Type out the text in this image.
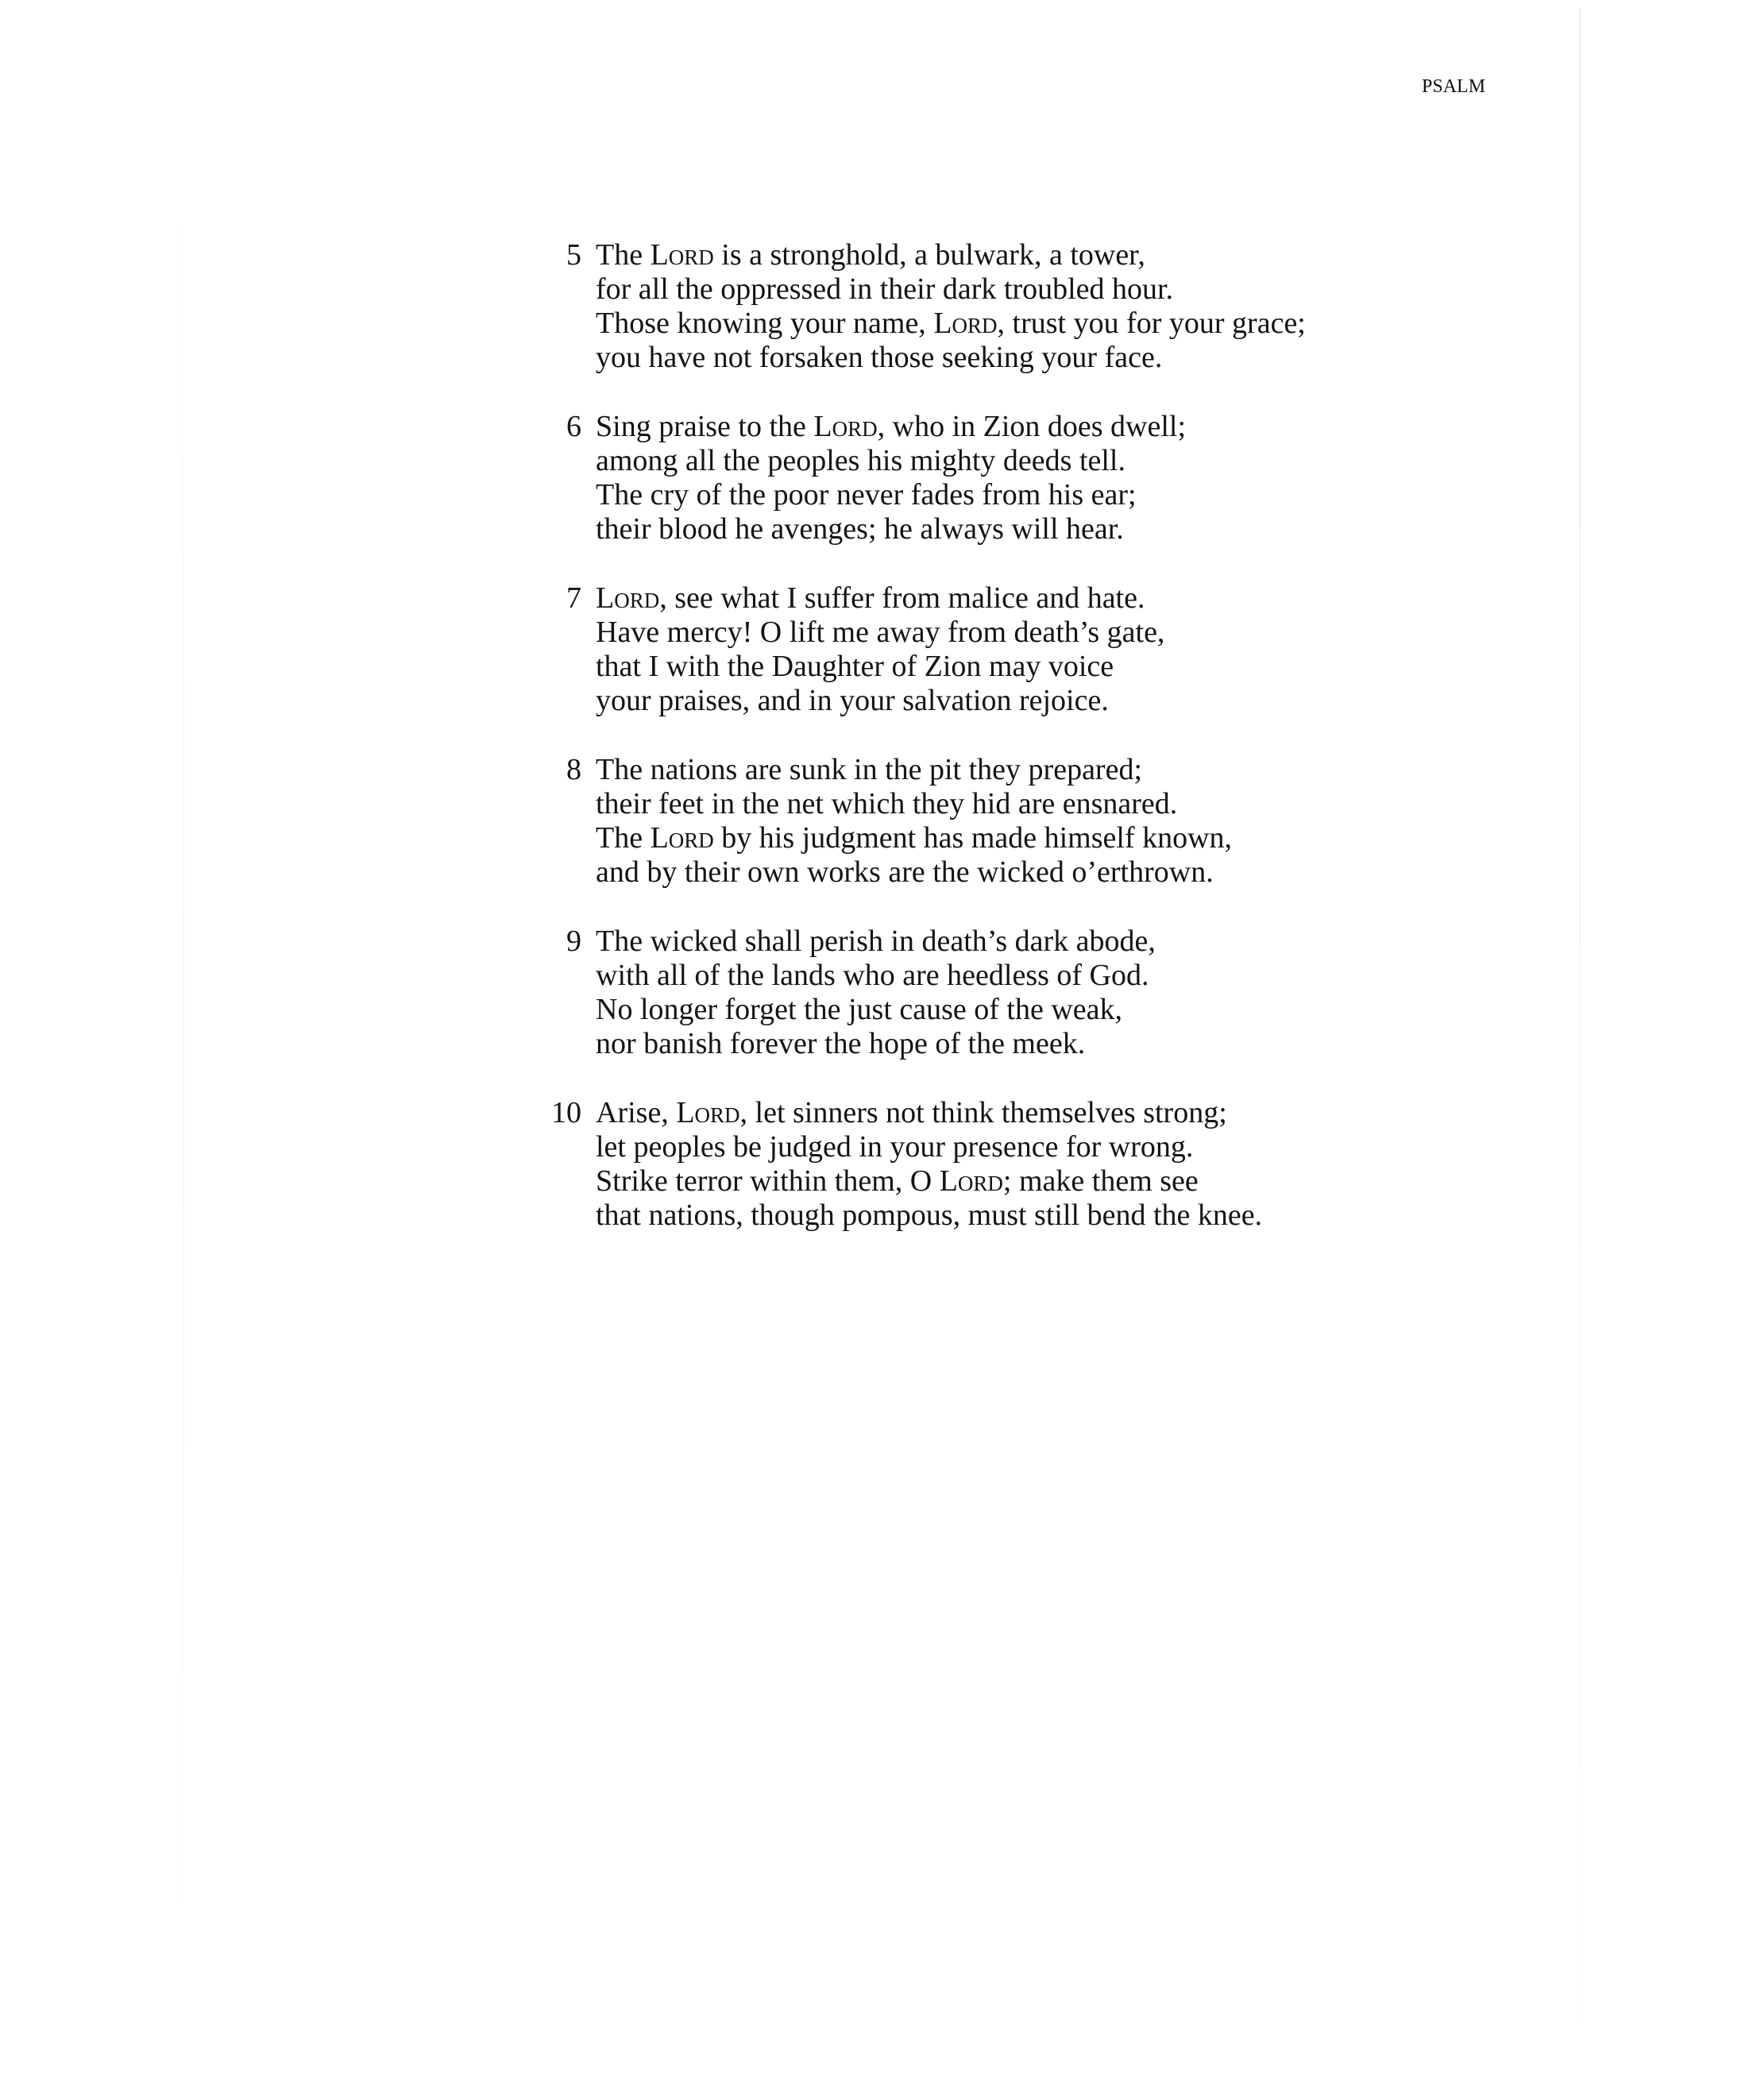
PSALM
5 The Lord is a stronghold, a bulwark, a tower,
for all the oppressed in their dark troubled hour.
Those knowing your name, Lord, trust you for your grace;
you have not forsaken those seeking your face.
6 Sing praise to the Lord, who in Zion does dwell;
among all the peoples his mighty deeds tell.
The cry of the poor never fades from his ear;
their blood he avenges; he always will hear.
7 Lord, see what I suffer from malice and hate.
Have mercy! O lift me away from death’s gate,
that I with the Daughter of Zion may voice
your praises, and in your salvation rejoice.
8 The nations are sunk in the pit they prepared;
their feet in the net which they hid are ensnared.
The Lord by his judgment has made himself known,
and by their own works are the wicked o’erthrown.
9 The wicked shall perish in death’s dark abode,
with all of the lands who are heedless of God.
No longer forget the just cause of the weak,
nor banish forever the hope of the meek.
10 Arise, Lord, let sinners not think themselves strong;
let peoples be judged in your presence for wrong.
Strike terror within them, O Lord; make them see
that nations, though pompous, must still bend the knee.
